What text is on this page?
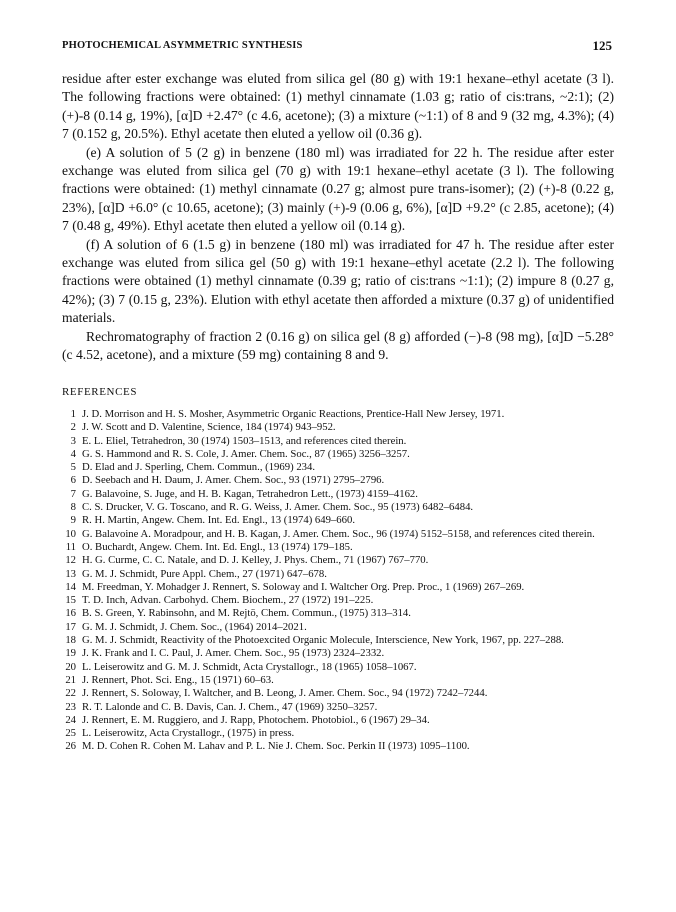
PHOTOCHEMICAL ASYMMETRIC SYNTHESIS	125

residue after ester exchange was eluted from silica gel (80 g) with 19:1 hexane–ethyl acetate (3 l). The following fractions were obtained: (1) methyl cinnamate (1.03 g; ratio of cis:trans, ~2:1); (2) (+)-8 (0.14 g, 19%), [α]D +2.47° (c 4.6, acetone); (3) a mixture (~1:1) of 8 and 9 (32 mg, 4.3%); (4) 7 (0.152 g, 20.5%). Ethyl acetate then eluted a yellow oil (0.36 g).

(e) A solution of 5 (2 g) in benzene (180 ml) was irradiated for 22 h. The residue after ester exchange was eluted from silica gel (70 g) with 19:1 hexane–ethyl acetate (3 l). The following fractions were obtained: (1) methyl cinnamate (0.27 g; almost pure trans-isomer); (2) (+)-8 (0.22 g, 23%), [α]D +6.0° (c 10.65, acetone); (3) mainly (+)-9 (0.06 g, 6%), [α]D +9.2° (c 2.85, acetone); (4) 7 (0.48 g, 49%). Ethyl acetate then eluted a yellow oil (0.14 g).

(f) A solution of 6 (1.5 g) in benzene (180 ml) was irradiated for 47 h. The residue after ester exchange was eluted from silica gel (50 g) with 19:1 hexane–ethyl acetate (2.2 l). The following fractions were obtained (1) methyl cinnamate (0.39 g; ratio of cis:trans ~1:1); (2) impure 8 (0.27 g, 42%); (3) 7 (0.15 g, 23%). Elution with ethyl acetate then afforded a mixture (0.37 g) of unidentified materials.

Rechromatography of fraction 2 (0.16 g) on silica gel (8 g) afforded (−)-8 (98 mg), [α]D −5.28° (c 4.52, acetone), and a mixture (59 mg) containing 8 and 9.

REFERENCES
1 J. D. Morrison and H. S. Mosher, Asymmetric Organic Reactions, Prentice-Hall New Jersey, 1971.
2 J. W. Scott and D. Valentine, Science, 184 (1974) 943–952.
3 E. L. Eliel, Tetrahedron, 30 (1974) 1503–1513, and references cited therein.
4 G. S. Hammond and R. S. Cole, J. Amer. Chem. Soc., 87 (1965) 3256–3257.
5 D. Elad and J. Sperling, Chem. Commun., (1969) 234.
6 D. Seebach and H. Daum, J. Amer. Chem. Soc., 93 (1971) 2795–2796.
7 G. Balavoine, S. Juge, and H. B. Kagan, Tetrahedron Lett., (1973) 4159–4162.
8 C. S. Drucker, V. G. Toscano, and R. G. Weiss, J. Amer. Chem. Soc., 95 (1973) 6482–6484.
9 R. H. Martin, Angew. Chem. Int. Ed. Engl., 13 (1974) 649–660.
10 G. Balavoine A. Moradpour, and H. B. Kagan, J. Amer. Chem. Soc., 96 (1974) 5152–5158, and references cited therein.
11 O. Buchardt, Angew. Chem. Int. Ed. Engl., 13 (1974) 179–185.
12 H. G. Curme, C. C. Natale, and D. J. Kelley, J. Phys. Chem., 71 (1967) 767–770.
13 G. M. J. Schmidt, Pure Appl. Chem., 27 (1971) 647–678.
14 M. Freedman, Y. Mohadger J. Rennert, S. Soloway and I. Waltcher Org. Prep. Proc., 1 (1969) 267–269.
15 T. D. Inch, Advan. Carbohyd. Chem. Biochem., 27 (1972) 191–225.
16 B. S. Green, Y. Rabinsohn, and M. Rejtö, Chem. Commun., (1975) 313–314.
17 G. M. J. Schmidt, J. Chem. Soc., (1964) 2014–2021.
18 G. M. J. Schmidt, Reactivity of the Photoexcited Organic Molecule, Interscience, New York, 1967, pp. 227–288.
19 J. K. Frank and I. C. Paul, J. Amer. Chem. Soc., 95 (1973) 2324–2332.
20 L. Leiserowitz and G. M. J. Schmidt, Acta Crystallogr., 18 (1965) 1058–1067.
21 J. Rennert, Phot. Sci. Eng., 15 (1971) 60–63.
22 J. Rennert, S. Soloway, I. Waltcher, and B. Leong, J. Amer. Chem. Soc., 94 (1972) 7242–7244.
23 R. T. Lalonde and C. B. Davis, Can. J. Chem., 47 (1969) 3250–3257.
24 J. Rennert, E. M. Ruggiero, and J. Rapp, Photochem. Photobiol., 6 (1967) 29–34.
25 L. Leiserowitz, Acta Crystallogr., (1975) in press.
26 M. D. Cohen R. Cohen M. Lahav and P. L. Nie J. Chem. Soc. Perkin II (1973) 1095–1100.
